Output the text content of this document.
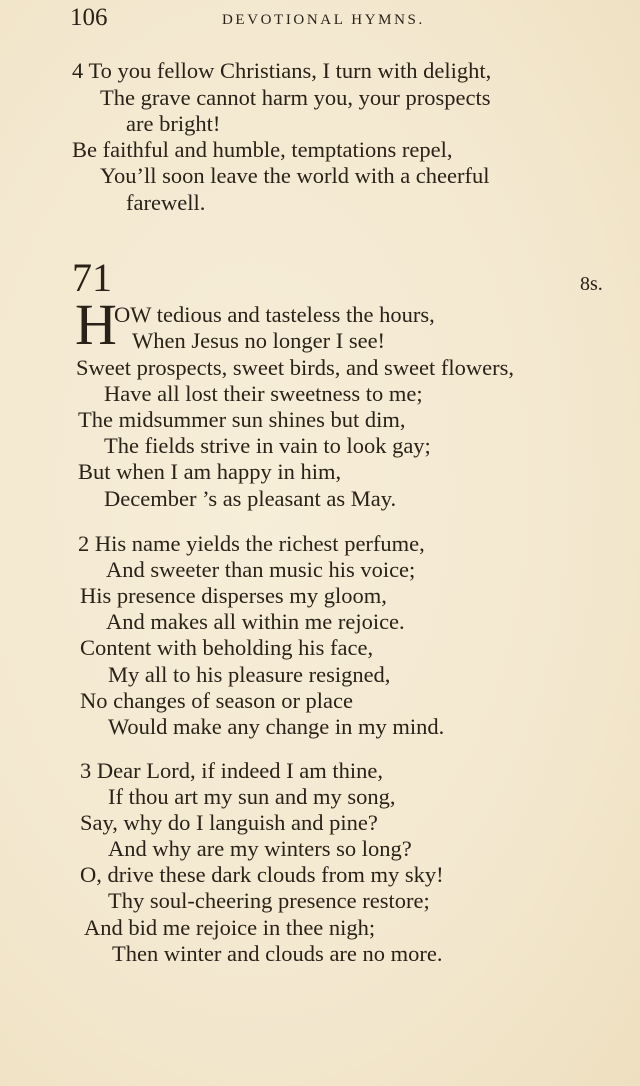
106	DEVOTIONAL HYMNS.
4 To you fellow Christians, I turn with delight,
The grave cannot harm you, your prospects
are bright!
Be faithful and humble, temptations repel,
You’ll soon leave the world with a cheerful
farewell.
71	8s.
H
OW tedious and tasteless the hours,
When Jesus no longer I see!
Sweet prospects, sweet birds, and sweet flowers,
Have all lost their sweetness to me;
The midsummer sun shines but dim,
The fields strive in vain to look gay;
But when I am happy in him,
December ’s as pleasant as May.
2 His name yields the richest perfume,
And sweeter than music his voice;
His presence disperses my gloom,
And makes all within me rejoice.
Content with beholding his face,
My all to his pleasure resigned,
No changes of season or place
Would make any change in my mind.
3 Dear Lord, if indeed I am thine,
If thou art my sun and my song,
Say, why do I languish and pine?
And why are my winters so long?
O, drive these dark clouds from my sky!
Thy soul-cheering presence restore;
And bid me rejoice in thee nigh;
Then winter and clouds are no more.
